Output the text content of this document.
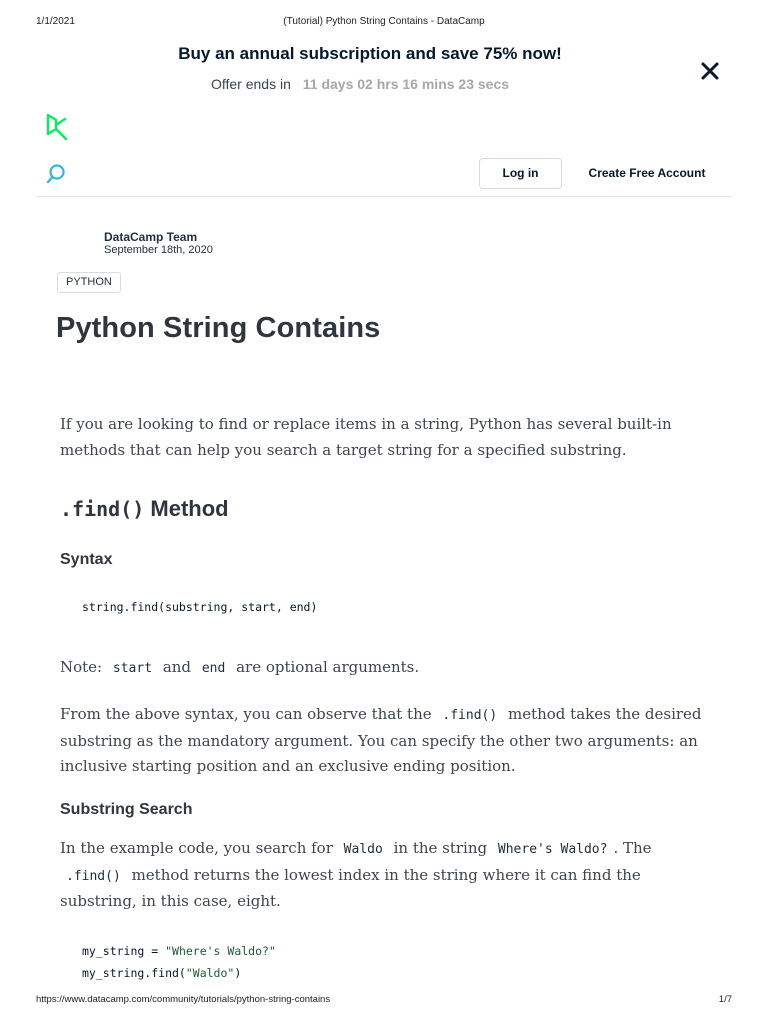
1/1/2021	(Tutorial) Python String Contains - DataCamp
Buy an annual subscription and save 75% now!
Offer ends in 11 days 02 hrs 16 mins 23 secs
Log in	Create Free Account
DataCamp Team
September 18th, 2020
PYTHON
Python String Contains

If you are looking to find or replace items in a string, Python has several built-in methods that can help you search a target string for a specified substring.

.find() Method
Syntax
string.find(substring, start, end)

Note: start and end are optional arguments.

From the above syntax, you can observe that the .find() method takes the desired substring as the mandatory argument. You can specify the other two arguments: an inclusive starting position and an exclusive ending position.

Substring Search

In the example code, you search for Waldo in the string Where's Waldo? . The .find() method returns the lowest index in the string where it can find the substring, in this case, eight.

my_string = "Where's Waldo?"
my_string.find("Waldo")
https://www.datacamp.com/community/tutorials/python-string-contains	1/7
